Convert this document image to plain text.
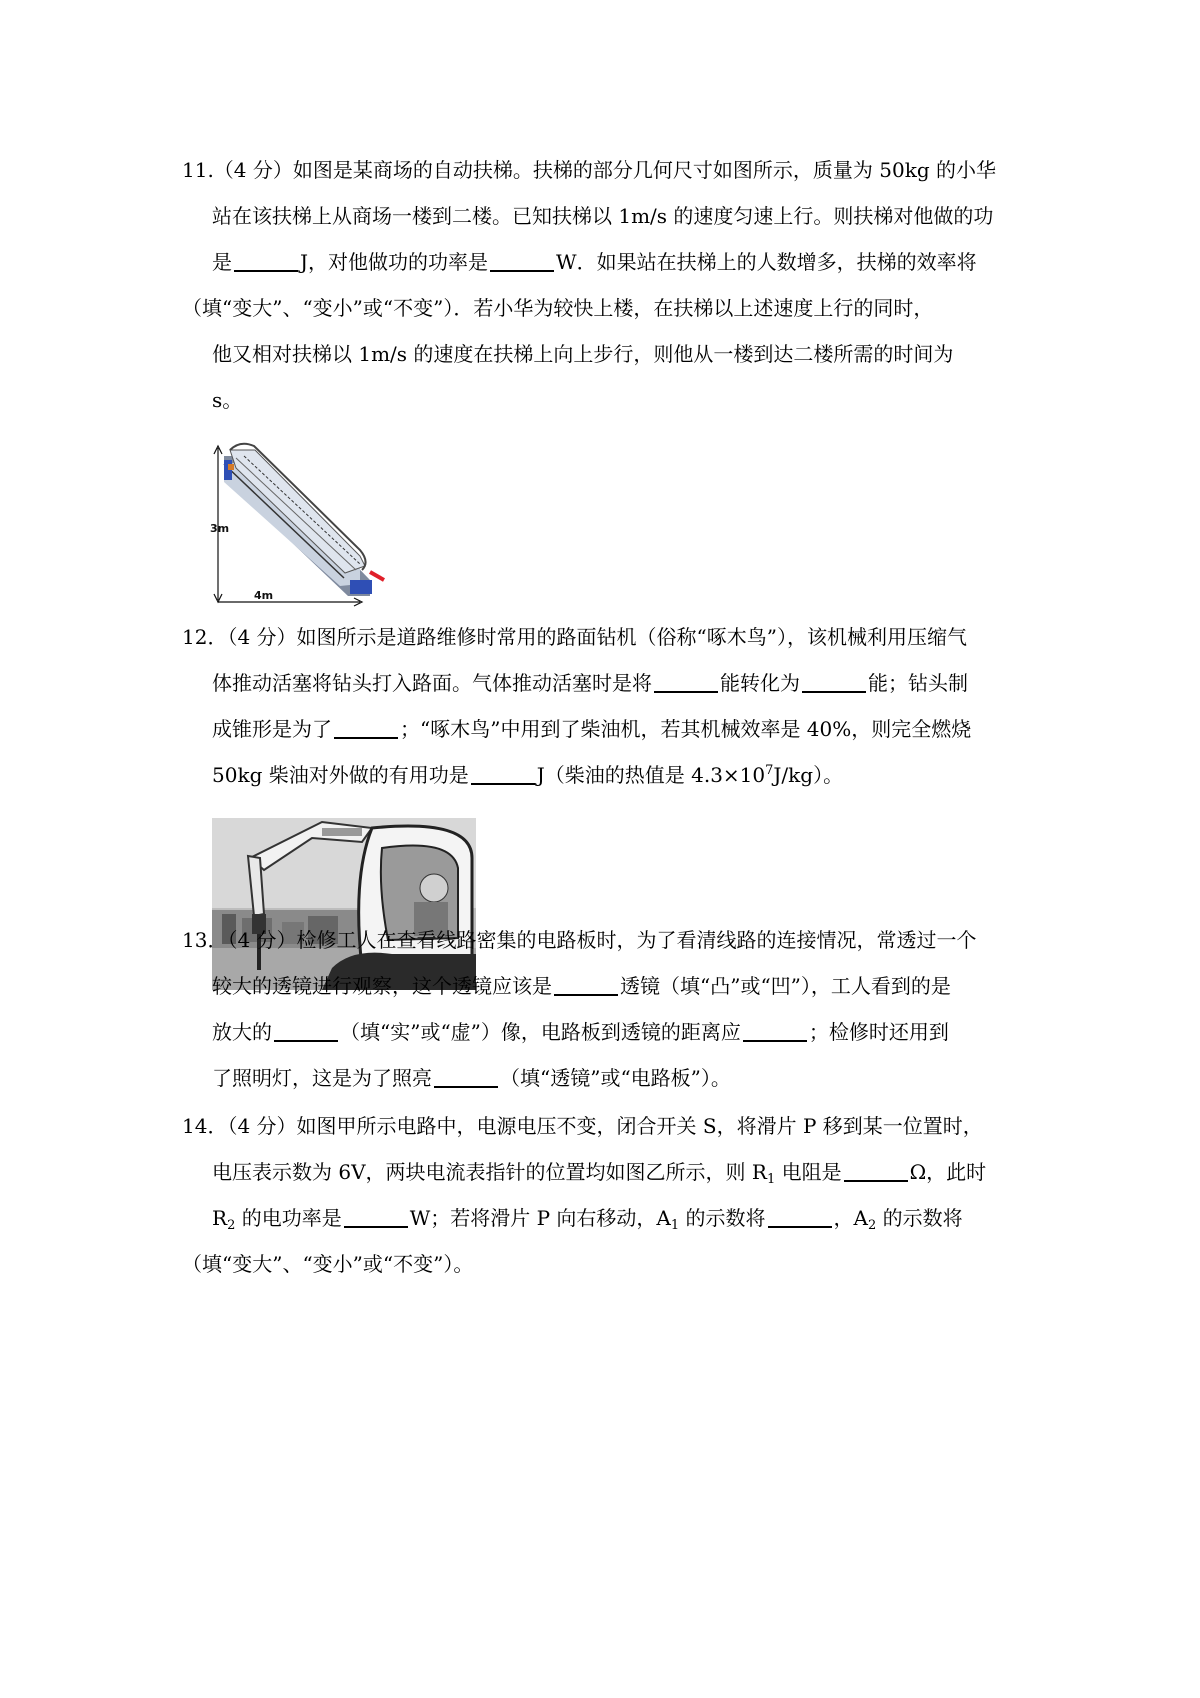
11.（4 分）如图是某商场的自动扶梯。扶梯的部分几何尺寸如图所示，质量为 50kg 的小华

站在该扶梯上从商场一楼到二楼。已知扶梯以 1m/s 的速度匀速上行。则扶梯对他做的功

是	J，对他做功的功率是	W．如果站在扶梯上的人数增多，扶梯的效率将

（填“变大”、“变小”或“不变”）．若小华为较快上楼，在扶梯以上述速度上行的同时，

他又相对扶梯以 1m/s 的速度在扶梯上向上步行，则他从一楼到达二楼所需的时间为

s。

3m
4m

12．（4 分）如图所示是道路维修时常用的路面钻机（俗称“啄木鸟”），该机械利用压缩气

体推动活塞将钻头打入路面。气体推动活塞时是将	能转化为	能；钻头制

成锥形是为了	；“啄木鸟”中用到了柴油机，若其机械效率是 40%，则完全燃烧

50kg 柴油对外做的有用功是	J（柴油的热值是 $4.3\times 10^7J/kg$）。

13．（4 分）检修工人在查看线路密集的电路板时，为了看清线路的连接情况，常透过一个

较大的透镜进行观察，这个透镜应该是	透镜（填“凸”或“凹”），工人看到的是

放大的	（填“实”或“虚”）像，电路板到透镜的距离应	；检修时还用到

了照明灯，这是为了照亮	（填“透镜”或“电路板”）。

14．（4 分）如图甲所示电路中，电源电压不变，闭合开关 S，将滑片 P 移到某一位置时，

电压表示数为 6V，两块电流表指针的位置均如图乙所示，则 $R_1$ 电阻是	Ω，此时

$R_2$ 的电功率是	W；若将滑片 P 向右移动，$A_1$ 的示数将	，$A_2$ 的示数将

（填“变大”、“变小”或“不变”）。
